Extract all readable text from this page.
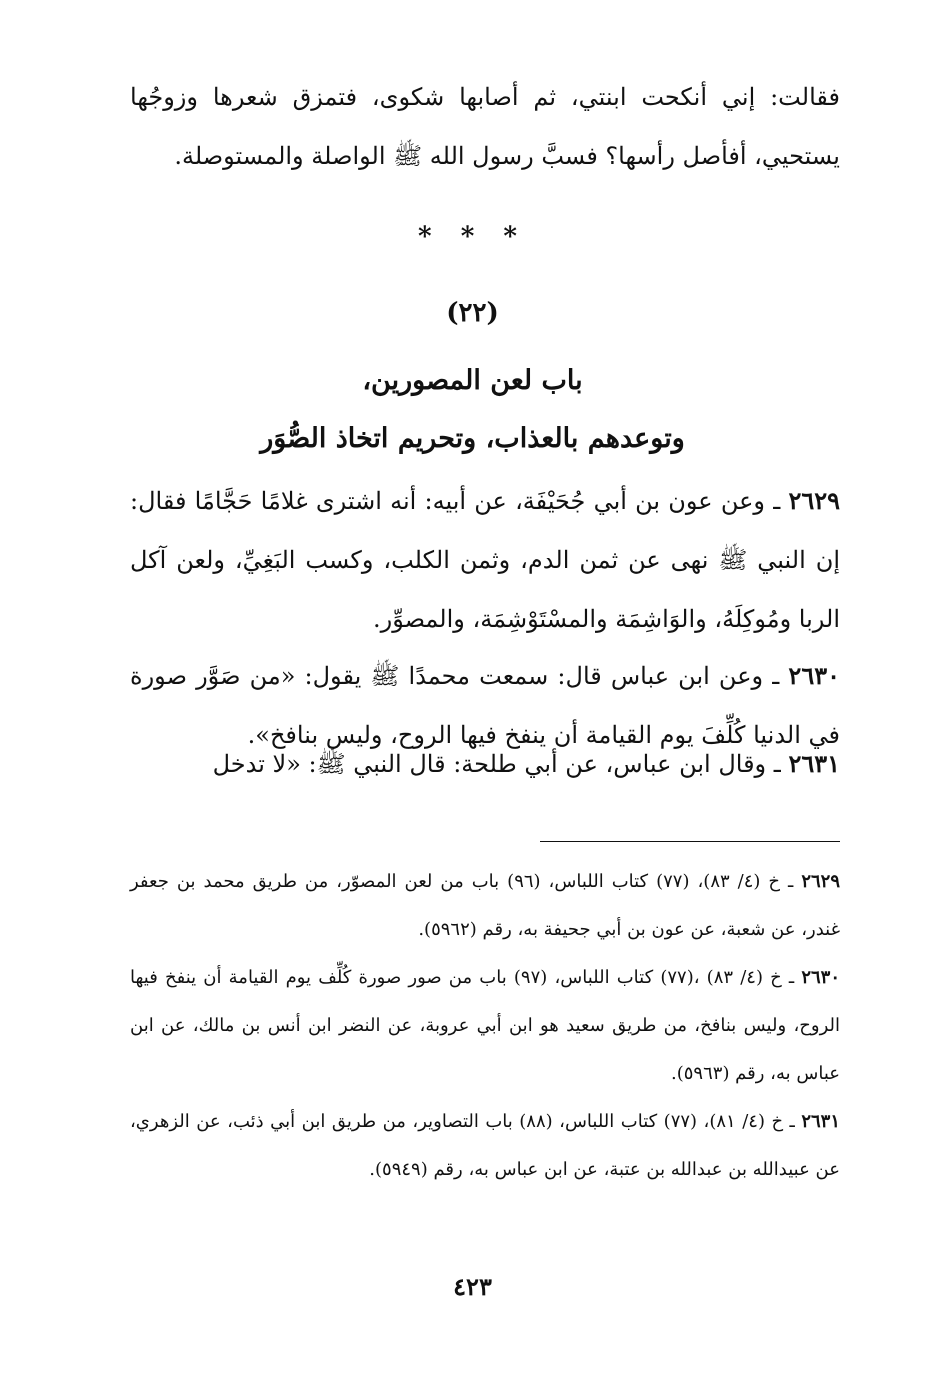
فقالت: إني أنكحت ابنتي، ثم أصابها شكوى، فتمزق شعرها وزوجُها يستحيي، أفأصل رأسها؟ فسبَّ رسول الله ﷺ الواصلة والمستوصلة.

* * *
(٢٢)
باب لعن المصورين،
وتوعدهم بالعذاب، وتحريم اتخاذ الصُّوَر

٢٦٢٩ ـ وعن عون بن أبي جُحَيْفَة، عن أبيه: أنه اشترى غلامًا حَجَّامًا فقال: إن النبي ﷺ نهى عن ثمن الدم، وثمن الكلب، وكسب البَغِيِّ، ولعن آكل الربا ومُوكِلَهُ، والوَاشِمَة والمسْتَوْشِمَة، والمصوِّر.

٢٦٣٠ ـ وعن ابن عباس قال: سمعت محمدًا ﷺ يقول: «من صَوَّر صورة في الدنيا كُلِّفَ يوم القيامة أن ينفخ فيها الروح، وليس بنافخ».

٢٦٣١ ـ وقال ابن عباس، عن أبي طلحة: قال النبي ﷺ: «لا تدخل

٢٦٢٩ ـ خ (٤/ ٨٣)، (٧٧) كتاب اللباس، (٩٦) باب من لعن المصوّر، من طريق محمد بن جعفر غندر، عن شعبة، عن عون بن أبي جحيفة به، رقم (٥٩٦٢).

٢٦٣٠ ـ خ (٤/ ٨٣) ،(٧٧) كتاب اللباس، (٩٧) باب من صور صورة كُلِّف يوم القيامة أن ينفخ فيها الروح، وليس بنافخ، من طريق سعيد هو ابن أبي عروبة، عن النضر ابن أنس بن مالك، عن ابن عباس به، رقم (٥٩٦٣).

٢٦٣١ ـ خ (٤/ ٨١)، (٧٧) كتاب اللباس، (٨٨) باب التصاوير، من طريق ابن أبي ذئب، عن الزهري، عن عبيدالله بن عبدالله بن عتبة، عن ابن عباس به، رقم (٥٩٤٩).

٤٢٣
